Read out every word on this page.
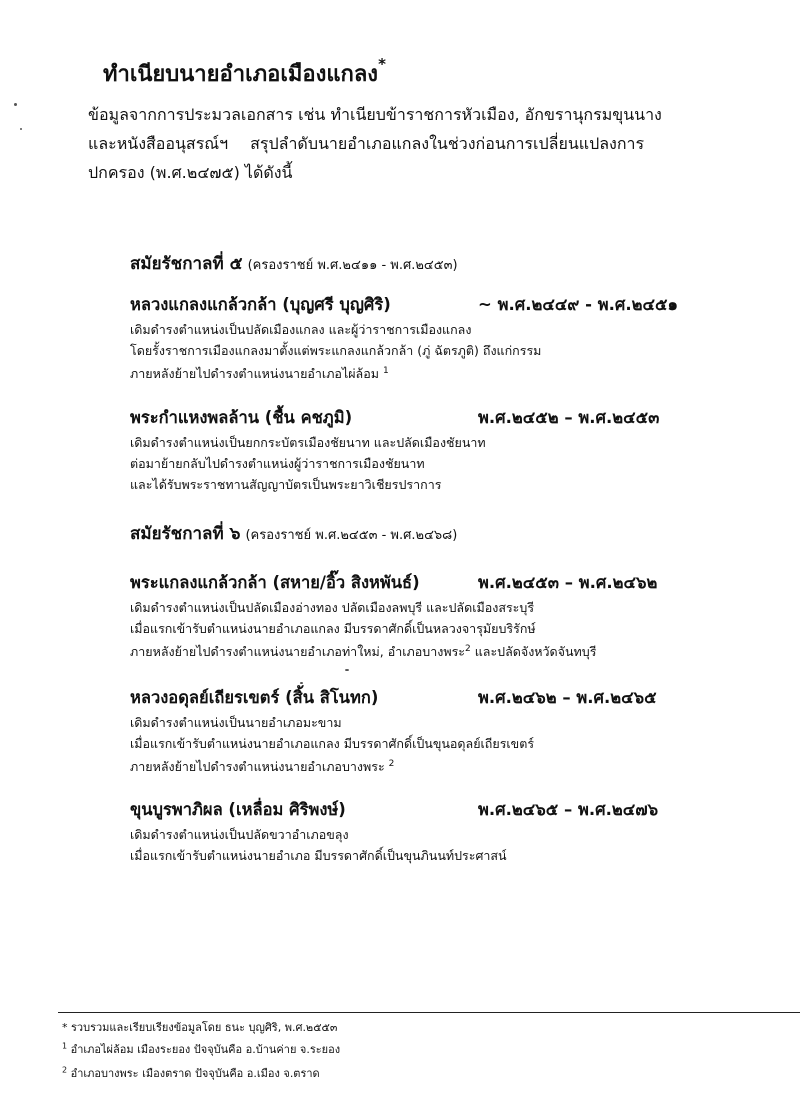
ทำเนียบนายอำเภอเมืองแกลง*
ข้อมูลจากการประมวลเอกสาร เช่น ทำเนียบข้าราชการหัวเมือง, อักขรานุกรมขุนนาง
และหนังสืออนุสรณ์ฯ สรุปลำดับนายอำเภอแกลงในช่วงก่อนการเปลี่ยนแปลงการ
ปกครอง (พ.ศ.๒๔๗๕) ได้ดังนี้
สมัยรัชกาลที่ ๕ (ครองราชย์ พ.ศ.๒๔๑๑ - พ.ศ.๒๔๕๓)
หลวงแกลงแกล้วกล้า (บุญศรี บุญศิริ)	~ พ.ศ.๒๔๔๙ - พ.ศ.๒๔๕๑
เดิมดำรงตำแหน่งเป็นปลัดเมืองแกลง และผู้ว่าราชการเมืองแกลง
โดยรั้งราชการเมืองแกลงมาตั้งแต่พระแกลงแกล้วกล้า (ภู่ ฉัตรภูติ) ถึงแก่กรรม
ภายหลังย้ายไปดำรงตำแหน่งนายอำเภอไผ่ล้อม $^1$
พระกำแหงพลล้าน (ชื้น คชภูมิ)	พ.ศ.๒๔๕๒ – พ.ศ.๒๔๕๓
เดิมดำรงตำแหน่งเป็นยกกระบัตรเมืองชัยนาท และปลัดเมืองชัยนาท
ต่อมาย้ายกลับไปดำรงตำแหน่งผู้ว่าราชการเมืองชัยนาท
และได้รับพระราชทานสัญญาบัตรเป็นพระยาวิเชียรปราการ
สมัยรัชกาลที่ ๖ (ครองราชย์ พ.ศ.๒๔๕๓ - พ.ศ.๒๔๖๘)
พระแกลงแกล้วกล้า (สหาย/อิ๊ว สิงหพันธ์)	พ.ศ.๒๔๕๓ – พ.ศ.๒๔๖๒
เดิมดำรงตำแหน่งเป็นปลัดเมืองอ่างทอง ปลัดเมืองลพบุรี และปลัดเมืองสระบุรี
เมื่อแรกเข้ารับตำแหน่งนายอำเภอแกลง มีบรรดาศักดิ์เป็นหลวงจารุมัยบริรักษ์
ภายหลังย้ายไปดำรงตำแหน่งนายอำเภอท่าใหม่, อำเภอบางพระ$^2$ และปลัดจังหวัดจันทบุรี
หลวงอดุลย์เถียรเขตร์ (สิ้น สิโนทก)	พ.ศ.๒๔๖๒ – พ.ศ.๒๔๖๕
เดิมดำรงตำแหน่งเป็นนายอำเภอมะขาม
เมื่อแรกเข้ารับตำแหน่งนายอำเภอแกลง มีบรรดาศักดิ์เป็นขุนอดุลย์เถียรเขตร์
ภายหลังย้ายไปดำรงตำแหน่งนายอำเภอบางพระ $^2$
ขุนบูรพาภิผล (เหลื่อม ศิริพงษ์)	พ.ศ.๒๔๖๕ – พ.ศ.๒๔๗๖
เดิมดำรงตำแหน่งเป็นปลัดขวาอำเภอขลุง
เมื่อแรกเข้ารับตำแหน่งนายอำเภอ มีบรรดาศักดิ์เป็นขุนภินนท์ประศาสน์
* รวบรวมและเรียบเรียงข้อมูลโดย ธนะ บุญศิริ, พ.ศ.๒๕๕๓
$^1$ อำเภอไผ่ล้อม เมืองระยอง ปัจจุบันคือ อ.บ้านค่าย จ.ระยอง
$^2$ อำเภอบางพระ เมืองตราด ปัจจุบันคือ อ.เมือง จ.ตราด
